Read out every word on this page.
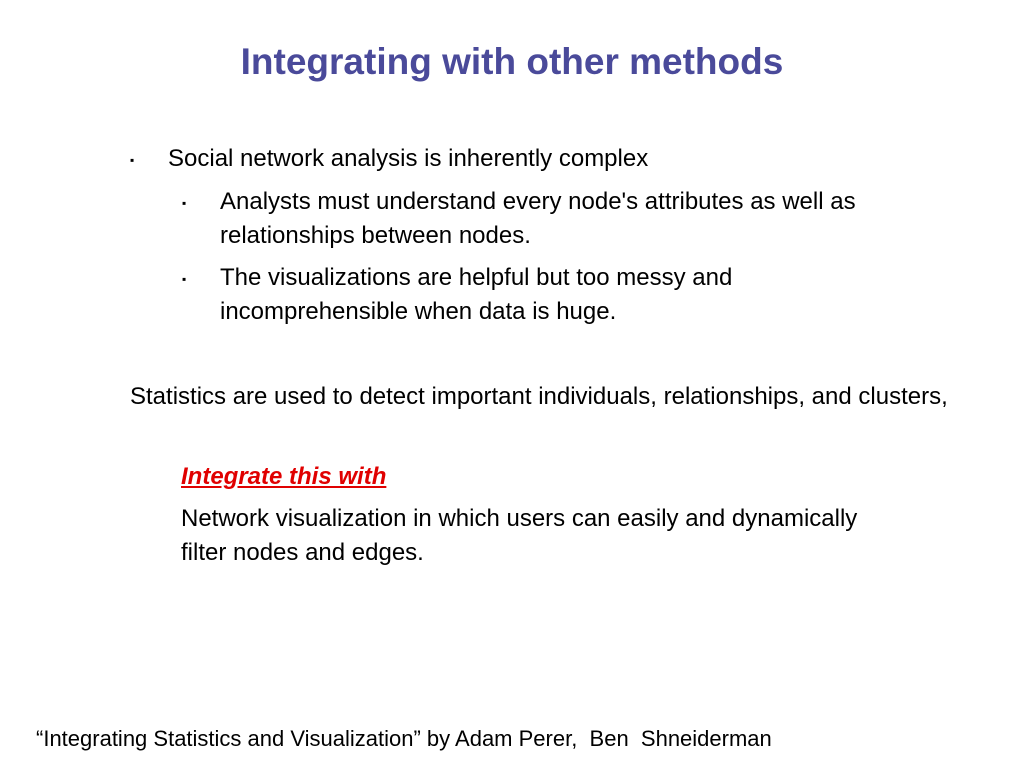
Integrating with other methods
▪ Social network analysis is inherently complex
▪ Analysts must understand every node's attributes as well as relationships between nodes.
▪ The visualizations are helpful but too messy and incomprehensible when data is huge.
Statistics are used to detect important individuals, relationships, and clusters,
Integrate this with
Network visualization in which users can easily and dynamically filter nodes and edges.
“Integrating Statistics and Visualization” by Adam Perer,  Ben  Shneiderman
